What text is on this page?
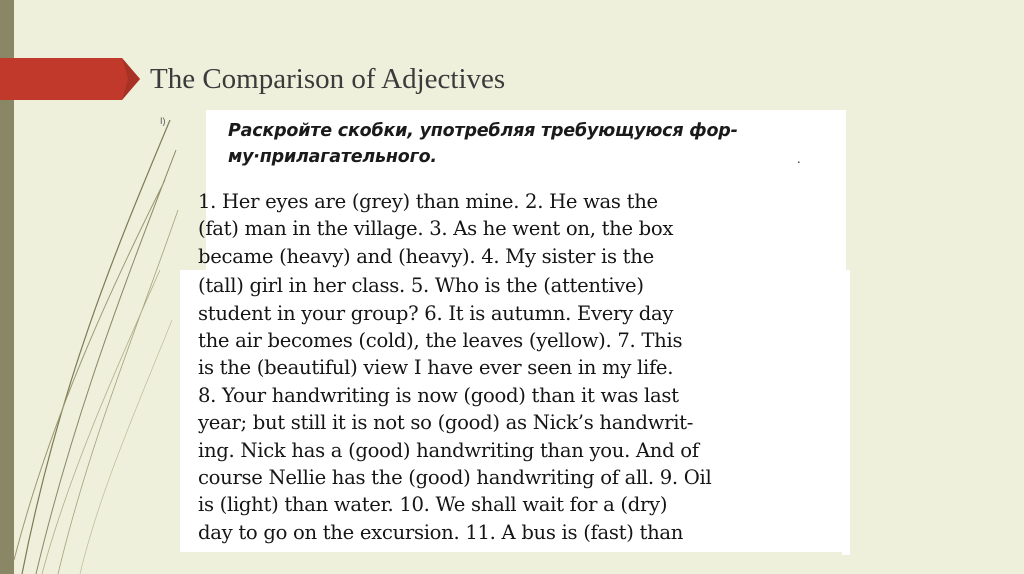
The Comparison of Adjectives
I)	Раскройте скобки, употребляя требующуюся фор-
му·прилагательного.	.
1. Her eyes are (grey) than mine. 2. He was the
(fat) man in the village. 3. As he went on, the box
became (heavy) and (heavy). 4. My sister is the
(tall) girl in her class. 5. Who is the (attentive)
student in your group? 6. It is autumn. Every day
the air becomes (cold), the leaves (yellow). 7. This
is the (beautiful) view I have ever seen in my life.
8. Your handwriting is now (good) than it was last
year; but still it is not so (good) as Nick’s handwrit-
ing. Nick has a (good) handwriting than you. And of
course Nellie has the (good) handwriting of all. 9. Oil
is (light) than water. 10. We shall wait for a (dry)
day to go on the excursion. 11. A bus is (fast) than
